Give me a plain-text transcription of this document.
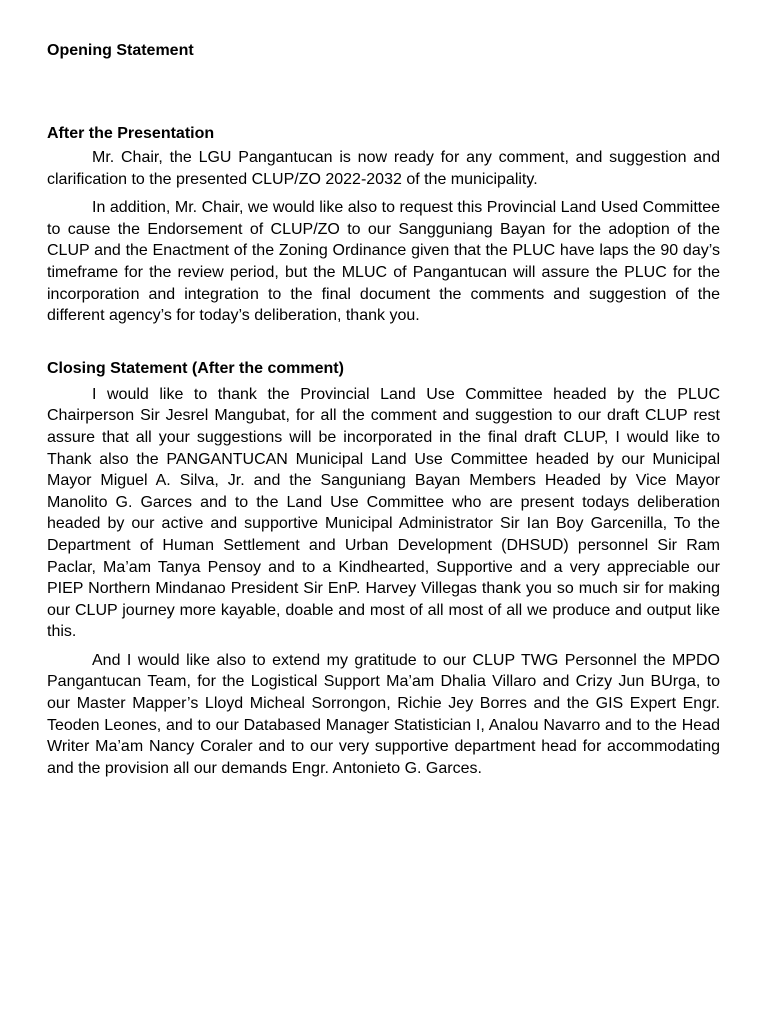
Opening Statement

After the Presentation

Mr. Chair, the LGU Pangantucan is now ready for any comment, and suggestion and clarification to the presented CLUP/ZO 2022-2032 of the municipality.

In addition, Mr. Chair, we would like also to request this Provincial Land Used Committee to cause the Endorsement of CLUP/ZO to our Sangguniang Bayan for the adoption of the CLUP and the Enactment of the Zoning Ordinance given that the PLUC have laps the 90 day’s timeframe for the review period, but the MLUC of Pangantucan will assure the PLUC for the incorporation and integration to the final document the comments and suggestion of the different agency’s for today’s deliberation, thank you.

Closing Statement (After the comment)

I would like to thank the Provincial Land Use Committee headed by the PLUC Chairperson Sir Jesrel Mangubat, for all the comment and suggestion to our draft CLUP rest assure that all your suggestions will be incorporated in the final draft CLUP, I would like to Thank also the PANGANTUCAN Municipal Land Use Committee headed by our Municipal Mayor Miguel A. Silva, Jr. and the Sanguniang Bayan Members Headed by Vice Mayor Manolito G. Garces and to the Land Use Committee who are present todays deliberation headed by our active and supportive Municipal Administrator Sir Ian Boy Garcenilla, To the Department of Human Settlement and Urban Development (DHSUD) personnel Sir Ram Paclar, Ma’am Tanya Pensoy and to a Kindhearted, Supportive and a very appreciable our PIEP Northern Mindanao President Sir EnP. Harvey Villegas thank you so much sir for making our CLUP journey more kayable, doable and most of all most of all we produce and output like this.

And I would like also to extend my gratitude to our CLUP TWG Personnel the MPDO Pangantucan Team, for the Logistical Support Ma’am Dhalia Villaro and Crizy Jun BUrga, to our Master Mapper’s Lloyd Micheal Sorrongon, Richie Jey Borres and the GIS Expert Engr. Teoden Leones, and to our Databased Manager Statistician I, Analou Navarro and to the Head Writer Ma’am Nancy Coraler and to our very supportive department head for accommodating and the provision all our demands Engr. Antonieto G. Garces.
